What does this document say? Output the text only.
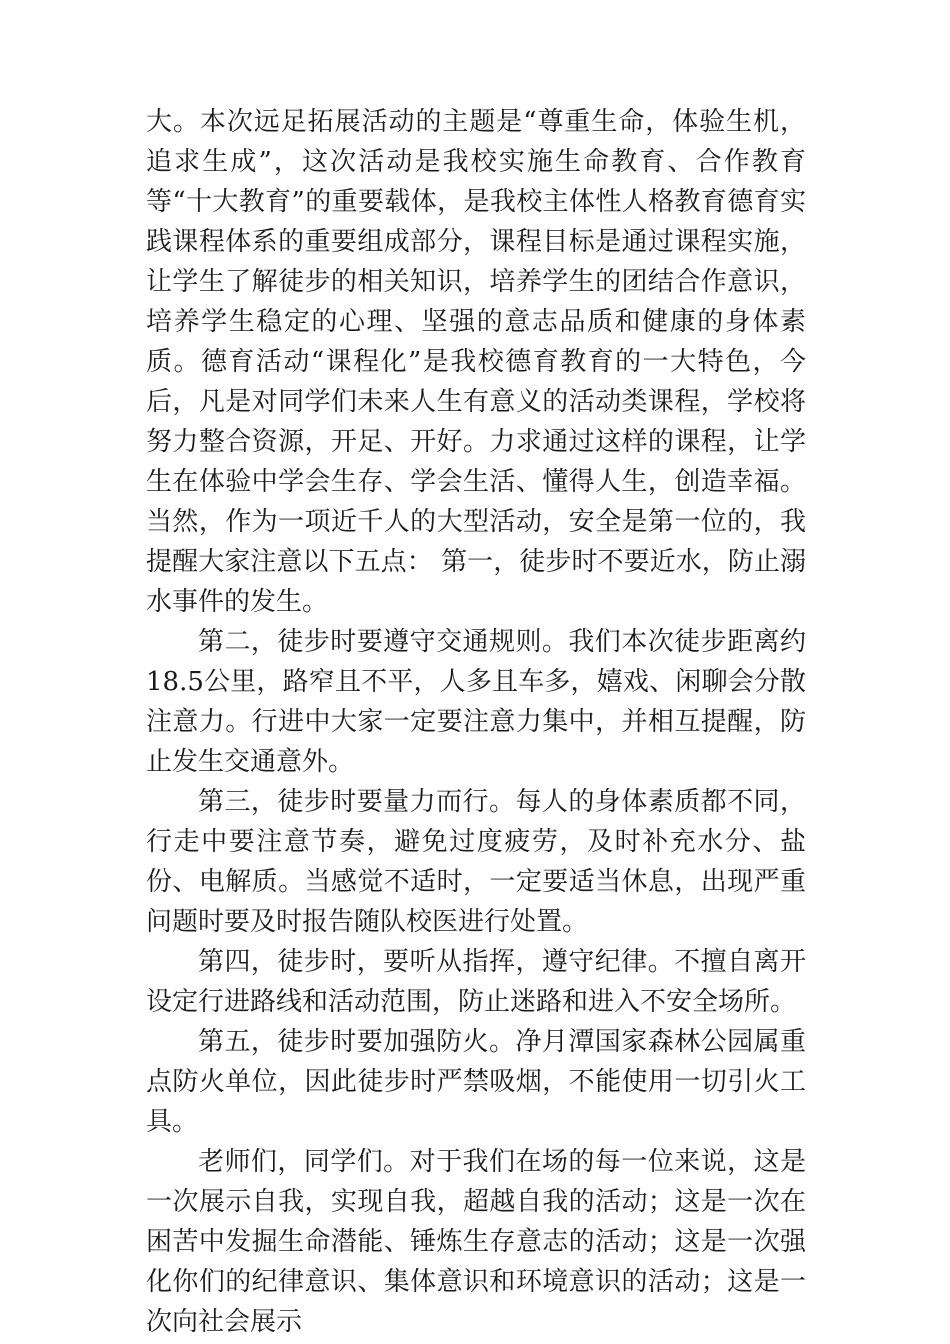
大。本次远足拓展活动的主题是“尊重生命，体验生机，追求生成”，这次活动是我校实施生命教育、合作教育等“十大教育”的重要载体，是我校主体性人格教育德育实践课程体系的重要组成部分，课程目标是通过课程实施，让学生了解徒步的相关知识，培养学生的团结合作意识，培养学生稳定的心理、坚强的意志品质和健康的身体素质。德育活动“课程化”是我校德育教育的一大特色，今后，凡是对同学们未来人生有意义的活动类课程，学校将努力整合资源，开足、开好。力求通过这样的课程，让学生在体验中学会生存、学会生活、懂得人生，创造幸福。 当然，作为一项近千人的大型活动，安全是第一位的，我提醒大家注意以下五点： 第一，徒步时不要近水，防止溺水事件的发生。

第二，徒步时要遵守交通规则。我们本次徒步距离约18.5公里，路窄且不平，人多且车多，嬉戏、闲聊会分散注意力。行进中大家一定要注意力集中，并相互提醒，防止发生交通意外。

第三，徒步时要量力而行。每人的身体素质都不同，行走中要注意节奏，避免过度疲劳，及时补充水分、盐份、电解质。当感觉不适时，一定要适当休息，出现严重问题时要及时报告随队校医进行处置。

第四，徒步时，要听从指挥，遵守纪律。不擅自离开设定行进路线和活动范围，防止迷路和进入不安全场所。

第五，徒步时要加强防火。净月潭国家森林公园属重点防火单位，因此徒步时严禁吸烟，不能使用一切引火工具。

老师们，同学们。对于我们在场的每一位来说，这是一次展示自我，实现自我，超越自我的活动；这是一次在困苦中发掘生命潜能、锤炼生存意志的活动；这是一次强化你们的纪律意识、集体意识和环境意识的活动；这是一次向社会展示
